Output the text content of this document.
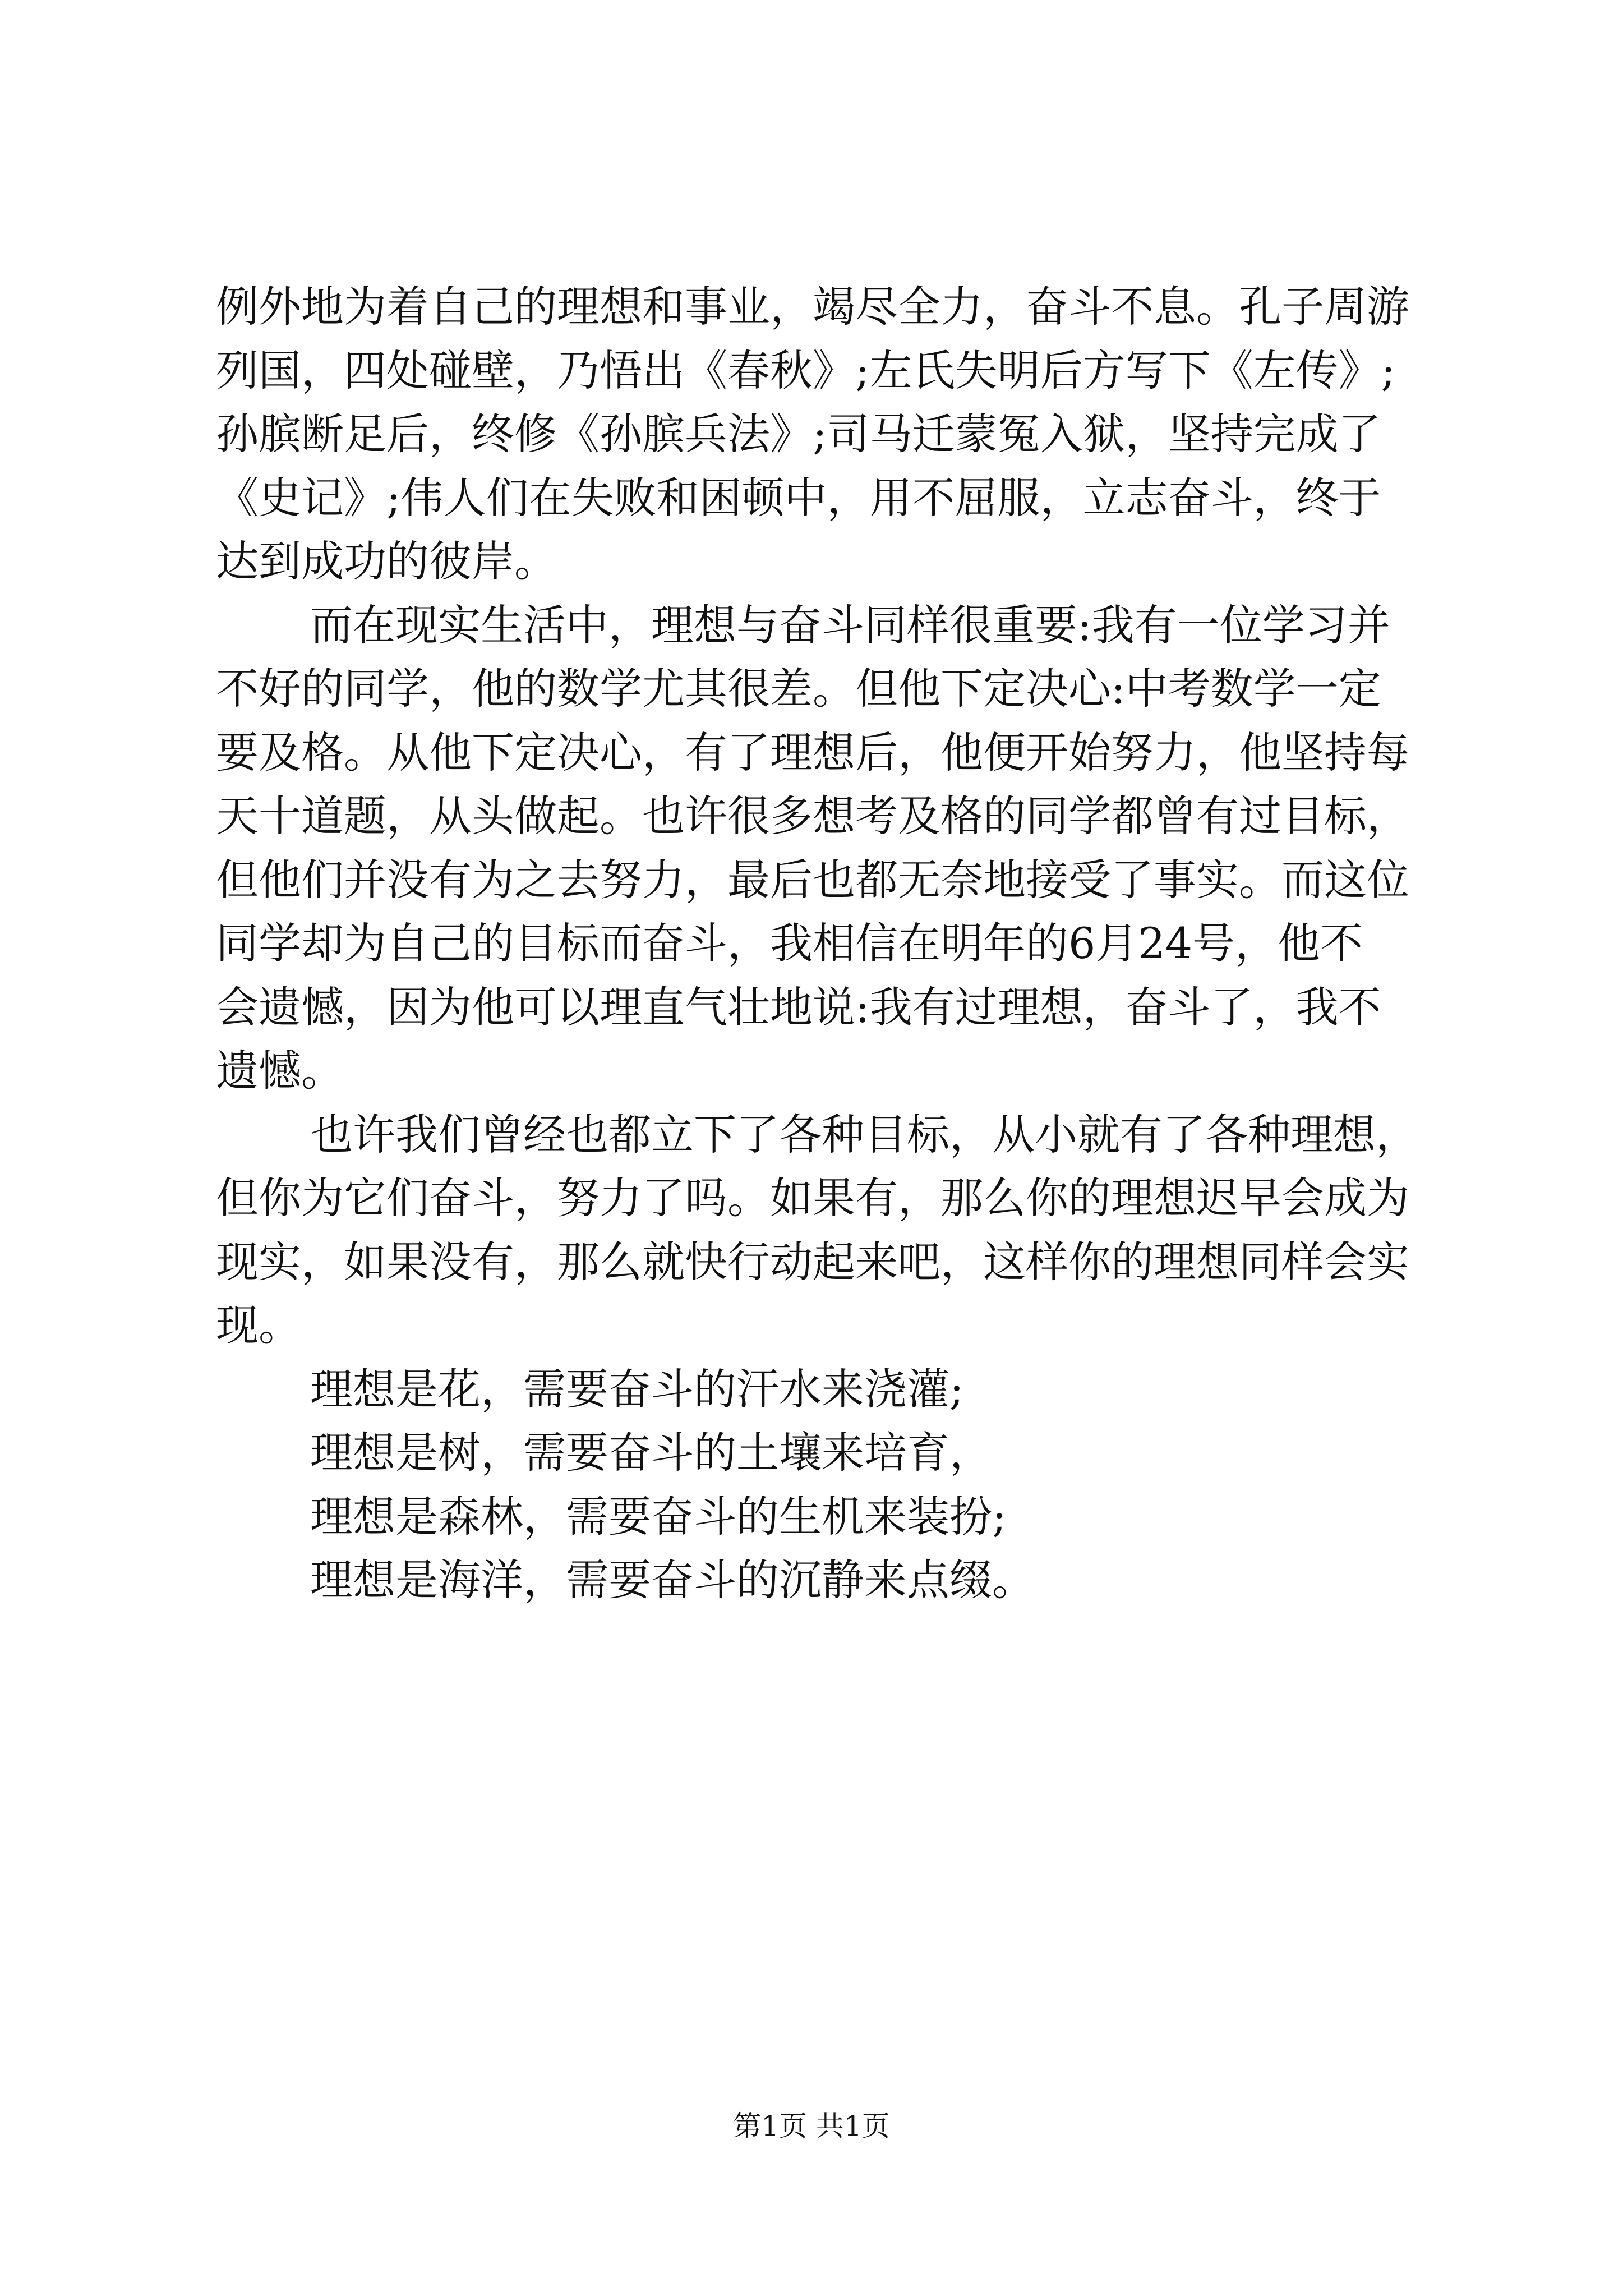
例外地为着自己的理想和事业，竭尽全力，奋斗不息。孔子周游

列国，四处碰壁，乃悟出《春秋》;左氏失明后方写下《左传》;

孙膑断足后，终修《孙膑兵法》;司马迁蒙冤入狱，坚持完成了

《史记》;伟人们在失败和困顿中，用不屈服，立志奋斗，终于

达到成功的彼岸。

而在现实生活中，理想与奋斗同样很重要:我有一位学习并

不好的同学，他的数学尤其很差。但他下定决心:中考数学一定

要及格。从他下定决心，有了理想后，他便开始努力，他坚持每

天十道题，从头做起。也许很多想考及格的同学都曾有过目标，

但他们并没有为之去努力，最后也都无奈地接受了事实。而这位

同学却为自己的目标而奋斗，我相信在明年的6月24号，他不

会遗憾，因为他可以理直气壮地说:我有过理想，奋斗了，我不

遗憾。

也许我们曾经也都立下了各种目标，从小就有了各种理想，

但你为它们奋斗，努力了吗。如果有，那么你的理想迟早会成为

现实，如果没有，那么就快行动起来吧，这样你的理想同样会实

现。

理想是花，需要奋斗的汗水来浇灌;

理想是树，需要奋斗的土壤来培育，

理想是森林，需要奋斗的生机来装扮;

理想是海洋，需要奋斗的沉静来点缀。

第1页 共1页
